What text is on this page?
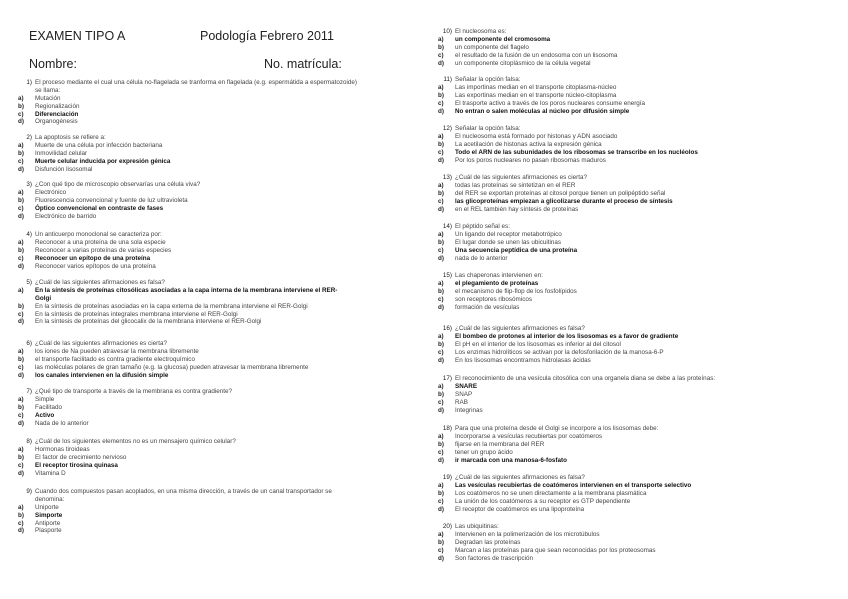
EXAMEN TIPO A	Podología Febrero 2011
Nombre:	No. matrícula:
1) El proceso mediante el cual una célula no-flagelada se tranforma en flagelada (e.g. espermátida a espermatozoide)
se llama:
a) Mutación
b) Regionalización
c) Diferenciación
d) Organogénesis
2) La apoptosis se refiere a:
a) Muerte de una célula por infección bacteriana
b) Inmovilidad celular
c) Muerte celular inducida por expresión génica
d) Disfunción lisosomal
3) ¿Con qué tipo de microscopio observarías una célula viva?
a) Electrónico
b) Fluorescencia convencional y fuente de luz ultravioleta
c) Óptico convencional en contraste de fases
d) Electrónico de barrido
4) Un anticuerpo monoclonal se caracteriza por:
a) Reconocer a una proteína de una sola especie
b) Reconocer a varias proteínas de varias especies
c) Reconocer un epítopo de una proteína
d) Reconocer varios epítopos de una proteína
5) ¿Cuál de las siguientes afirmaciones es falsa?
a) En la síntesis de proteínas citosólicas asociadas a la capa interna de la membrana interviene el RER-
Golgi
b) En la síntesis de proteínas asociadas en la capa externa de la membrana interviene el RER-Golgi
c) En la síntesis de proteínas integrales membrana interviene el RER-Golgi
d) En la síntesis de proteínas del glicocalix de la membrana interviene el RER-Golgi
6) ¿Cuál de las siguientes afirmaciones es cierta?
a) los iones de Na pueden atravesar la membrana libremente
b) el transporte facilitado es contra gradiente electroquímico
c) las moléculas polares de gran tamaño (e.g. la glucosa) pueden atravesar la membrana libremente
d) los canales intervienen en la difusión simple
7) ¿Qué tipo de transporte a través de la membrana es contra gradiente?
a) Simple
b) Facilitado
c) Activo
d) Nada de lo anterior
8) ¿Cuál de los siguientes elementos no es un mensajero químico celular?
a) Hormonas tiroideas
b) El factor de crecimiento nervioso
c) El receptor tirosina quinasa
d) Vitamina D
9) Cuando dos compuestos pasan acoplados, en una misma dirección, a través de un canal transportador se
denomina:
a) Uniporte
b) Simporte
c) Antiporte
d) Plasporte
10) El nucleosoma es:
a) un componente del cromosoma
b) un componente del flagelo
c) el resultado de la fusión de un endosoma con un lisosoma
d) un componente citoplásmico de la célula vegetal
11) Señalar la opción falsa:
a) Las importinas median en el transporte citoplasma-núcleo
b) Las exportinas median en el transporte núcleo-citoplasma
c) El trasporte activo a través de los poros nucleares consume energía
d) No entran o salen moléculas al núcleo por difusión simple
12) Señalar la opción falsa:
a) El nucleosoma está formado por histonas y ADN asociado
b) La acetilación de histonas activa la expresión génica
c) Todo el ARN de las subunidades de los ribosomas se transcribe en los nucléolos
d) Por los poros nucleares no pasan ribosomas maduros
13) ¿Cuál de las siguientes afirmaciones es cierta?
a) todas las proteínas se sintetizan en el RER
b) del RER se exportan proteínas al citosol porque tienen un polipéptido señal
c) las glicoproteínas empiezan a glicolizarse durante el proceso de síntesis
d) en el REL también hay síntesis de proteínas
14) El péptido señal es:
a) Un ligando del receptor metabotrópico
b) El lugar donde se unen las ubicuitinas
c) Una secuencia peptídica de una proteína
d) nada de lo anterior
15) Las chaperonas intervienen en:
a) el plegamiento de proteínas
b) el mecanismo de flip-flop de los fosfolípidos
c) son receptores ribosómicos
d) formación de vesículas
16) ¿Cuál de las siguientes afirmaciones es falsa?
a) El bombeo de protones al interior de los lisosomas es a favor de gradiente
b) El pH en el interior de los lisosomas es inferior al del citosol
c) Los enzimas hidrolíticos se activan por la defosforilación de la manosa-6-P
d) En los lisosomas encontramos hidrolasas ácidas
17) El reconocimiento de una vesícula citosólica con una organela diana se debe a las proteínas:
a) SNARE
b) SNAP
c) RAB
d) Integrinas
18) Para que una proteína desde el Golgi se incorpore a los lisosomas debe:
a) Incorporarse a vesículas recubiertas por coatómeros
b) fijarse en la membrana del RER
c) tener un grupo ácido
d) ir marcada con una manosa-6-fosfato
19) ¿Cuál de las siguientes afirmaciones es falsa?
a) Las vesículas recubiertas de coatómeros intervienen en el transporte selectivo
b) Los coatómeros no se unen directamente a la membrana plasmática
c) La unión de los coatómeros a su receptor es GTP dependiente
d) El receptor de coatómeros es una lipoproteína
20) Las ubiquitinas:
a) Intervienen en la polimerización de los microtúbulos
b) Degradan las proteínas
c) Marcan a las proteínas para que sean reconocidas por los proteosomas
d) Son factores de trascripción
